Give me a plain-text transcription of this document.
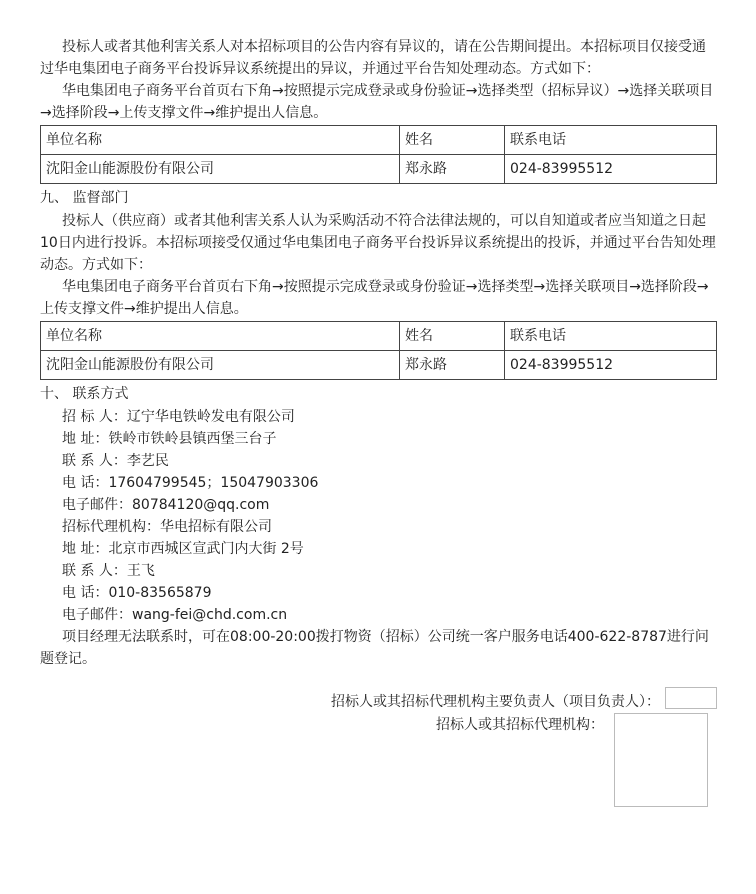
投标人或者其他利害关系人对本招标项目的公告内容有异议的，请在公告期间提出。本招标项目仅接受通过华电集团电子商务平台投诉异议系统提出的异议，并通过平台告知处理动态。方式如下：

华电集团电子商务平台首页右下角→按照提示完成登录或身份验证→选择类型（招标异议）→选择关联项目→选择阶段→上传支撑文件→维护提出人信息。

单位名称	姓名	联系电话
沈阳金山能源股份有限公司	郑永路	024-83995512

九、 监督部门

投标人（供应商）或者其他利害关系人认为采购活动不符合法律法规的，可以自知道或者应当知道之日起10日内进行投诉。本招标项接受仅通过华电集团电子商务平台投诉异议系统提出的投诉，并通过平台告知处理动态。方式如下：

华电集团电子商务平台首页右下角→按照提示完成登录或身份验证→选择类型→选择关联项目→选择阶段→上传支撑文件→维护提出人信息。

单位名称	姓名	联系电话
沈阳金山能源股份有限公司	郑永路	024-83995512

十、 联系方式

招 标 人：辽宁华电铁岭发电有限公司

地 址：铁岭市铁岭县镇西堡三台子

联 系 人：李艺民

电 话：17604799545；15047903306

电子邮件：80784120@qq.com

招标代理机构：华电招标有限公司

地 址：北京市西城区宣武门内大街 2号

联 系 人：王飞

电 话：010-83565879

电子邮件：wang-fei@chd.com.cn

项目经理无法联系时，可在08:00-20:00拨打物资（招标）公司统一客户服务电话400-622-8787进行问题登记。

招标人或其招标代理机构主要负责人（项目负责人）：
招标人或其招标代理机构：
